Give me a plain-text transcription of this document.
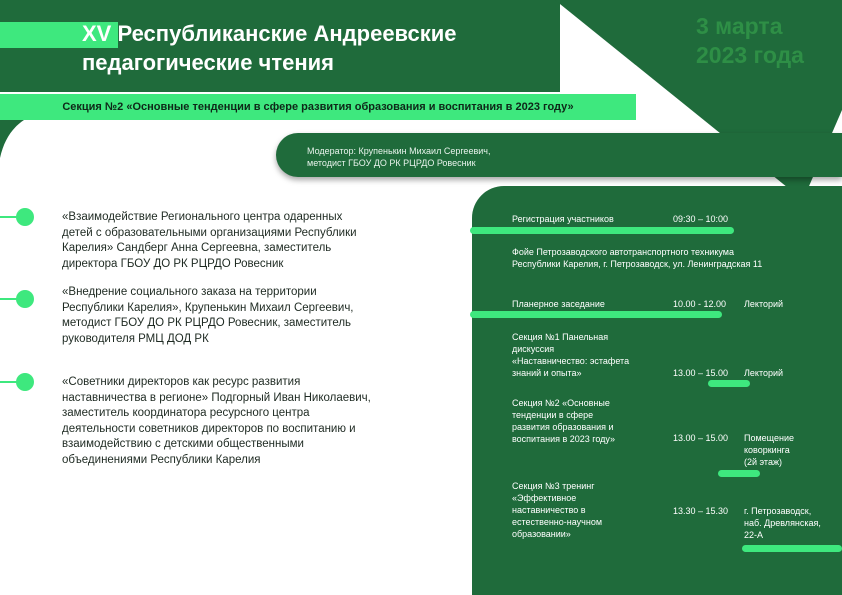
XV Республиканские Андреевские
педагогические чтения
3 марта
2023 года
Секция №2 «Основные тенденции в сфере развития образования и воспитания в 2023 году»
Модератор: Крупенькин Михаил Сергеевич,
методист ГБОУ ДО РК РЦРДО Ровесник
«Взаимодействие Регионального центра одаренных
детей с образовательными организациями Республики
Карелия» Сандберг Анна Сергеевна, заместитель
директора ГБОУ ДО РК РЦРДО Ровесник
«Внедрение социального заказа на территории
Республики Карелия», Крупенькин Михаил Сергеевич,
методист ГБОУ ДО РК РЦРДО Ровесник, заместитель
руководителя РМЦ ДОД РК
«Советники директоров как ресурс развития
наставничества в регионе» Подгорный Иван Николаевич,
заместитель координатора ресурсного центра
деятельности советников директоров по воспитанию и
взаимодействию с детскими общественными
объединениями Республики Карелия
Регистрация участников	09:30 – 10:00
Фойе Петрозаводского автотранспортного техникума
Республики Карелия, г. Петрозаводск, ул. Ленинградская 11
Планерное заседание	10.00 - 12.00 Лекторий
Секция №1 Панельная
дискуссия
«Наставничество: эстафета
знаний и опыта»	13.00 – 15.00 Лекторий
Секция №2 «Основные
тенденции в сфере
развития образования и
воспитания в 2023 году»	13.00 – 15.00 Помещение
коворкинга
(2й этаж)
Секция №3 тренинг
«Эффективное
наставничество в
естественно-научном
образовании»
13.30 – 15.30 г. Петрозаводск,
наб. Древлянская,
22-А
